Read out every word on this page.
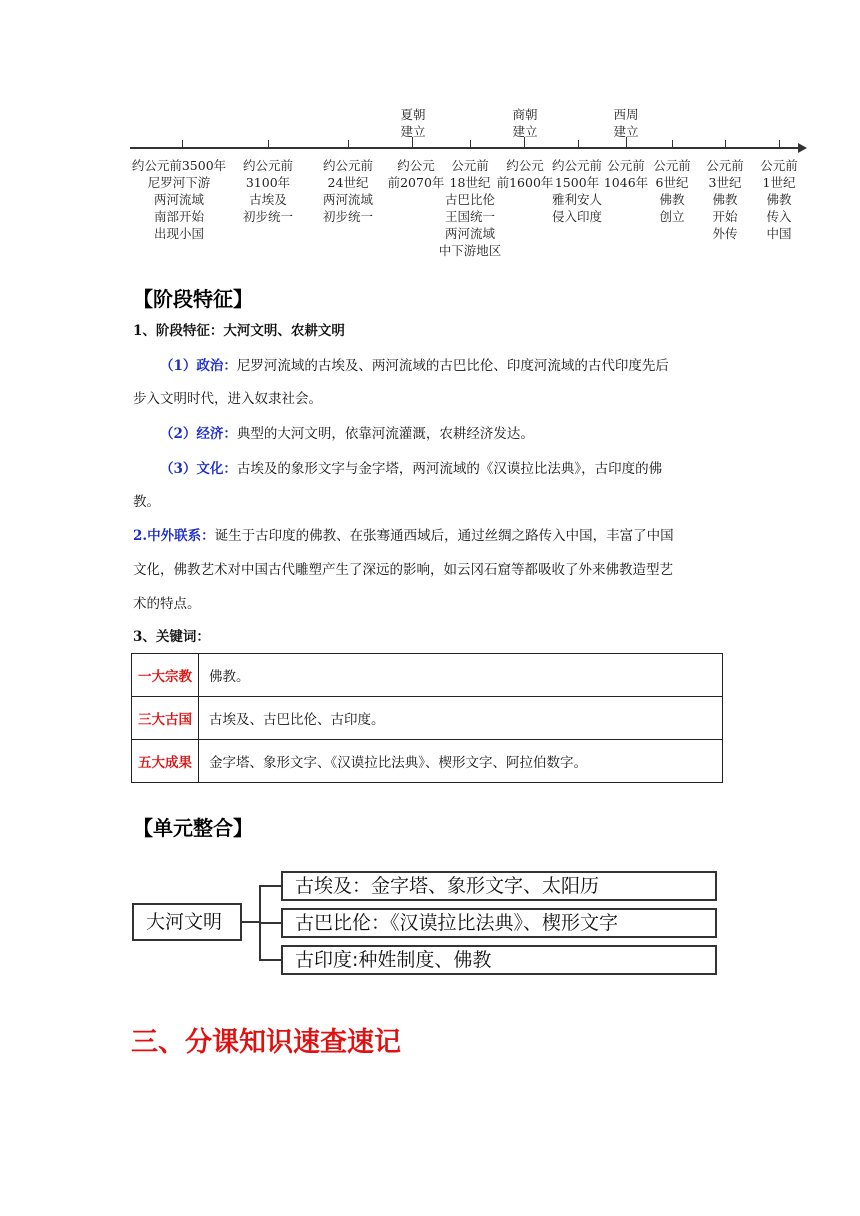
夏朝
建立
商朝
建立
西周
建立
约公元前3500年
尼罗河下游
两河流域
南部开始
出现小国
约公元前
3100年
古埃及
初步统一
约公元前
24世纪
两河流域
初步统一
约公元
前2070年
公元前
18世纪
古巴比伦
王国统一
两河流域
中下游地区
约公元
前1600年
约公元前
1500年
雅利安人
侵入印度
公元前
1046年
公元前
6世纪
佛教
创立
公元前
3世纪
佛教
开始
外传
公元前
1世纪
佛教
传入
中国
【阶段特征】
1、阶段特征：大河文明、农耕文明
（1）政治：尼罗河流域的古埃及、两河流域的古巴比伦、印度河流域的古代印度先后
步入文明时代，进入奴隶社会。
（2）经济：典型的大河文明，依靠河流灌溉，农耕经济发达。
（3）文化：古埃及的象形文字与金字塔，两河流域的《汉谟拉比法典》，古印度的佛
教。
2.中外联系：诞生于古印度的佛教、在张骞通西域后，通过丝绸之路传入中国，丰富了中国
文化，佛教艺术对中国古代雕塑产生了深远的影响，如云冈石窟等都吸收了外来佛教造型艺
术的特点。
3、关键词：
一大宗教	佛教。
三大古国	古埃及、古巴比伦、古印度。
五大成果	金字塔、象形文字、《汉谟拉比法典》、楔形文字、阿拉伯数字。
【单元整合】
大河文明
古埃及：金字塔、象形文字、太阳历
古巴比伦：《汉谟拉比法典》、楔形文字
古印度:种姓制度、佛教
三、分课知识速查速记
